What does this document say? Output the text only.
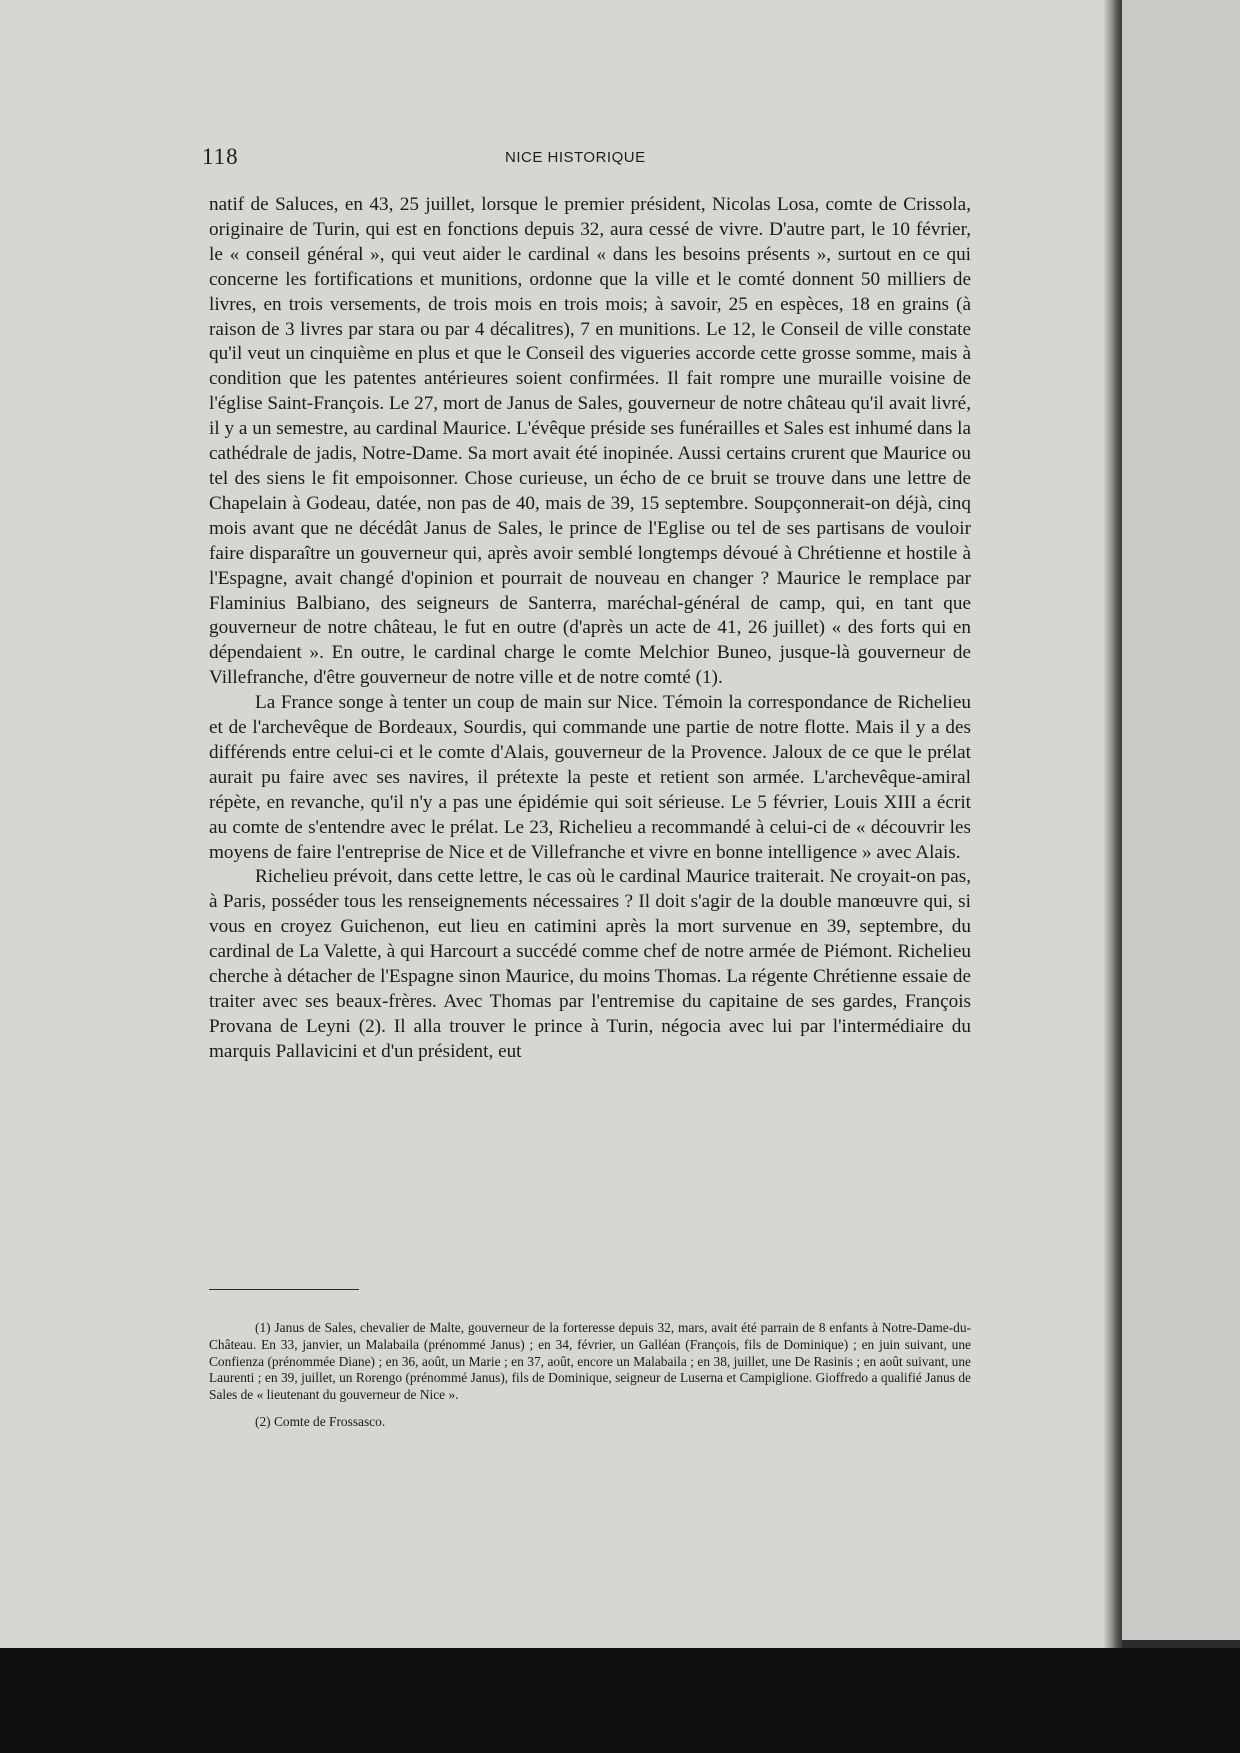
118	NICE HISTORIQUE

natif de Saluces, en 43, 25 juillet, lorsque le premier président, Nicolas Losa, comte de Crissola, originaire de Turin, qui est en fonctions depuis 32, aura cessé de vivre. D'autre part, le 10 février, le « conseil général », qui veut aider le cardinal « dans les besoins présents », surtout en ce qui concerne les fortifications et munitions, ordonne que la ville et le comté donnent 50 milliers de livres, en trois versements, de trois mois en trois mois; à savoir, 25 en espèces, 18 en grains (à raison de 3 livres par stara ou par 4 décalitres), 7 en munitions. Le 12, le Conseil de ville constate qu'il veut un cinquième en plus et que le Conseil des vigueries accorde cette grosse somme, mais à condition que les patentes antérieures soient confirmées. Il fait rompre une muraille voisine de l'église Saint-François. Le 27, mort de Janus de Sales, gouverneur de notre château qu'il avait livré, il y a un semestre, au cardinal Maurice. L'évêque préside ses funérailles et Sales est inhumé dans la cathédrale de jadis, Notre-Dame. Sa mort avait été inopinée. Aussi certains crurent que Maurice ou tel des siens le fit empoisonner. Chose curieuse, un écho de ce bruit se trouve dans une lettre de Chapelain à Godeau, datée, non pas de 40, mais de 39, 15 septembre. Soupçonnerait-on déjà, cinq mois avant que ne décédât Janus de Sales, le prince de l'Eglise ou tel de ses partisans de vouloir faire disparaître un gouverneur qui, après avoir semblé longtemps dévoué à Chrétienne et hostile à l'Espagne, avait changé d'opinion et pourrait de nouveau en changer ? Maurice le remplace par Flaminius Balbiano, des seigneurs de Santerra, maréchal-général de camp, qui, en tant que gouverneur de notre château, le fut en outre (d'après un acte de 41, 26 juillet) « des forts qui en dépendaient ». En outre, le cardinal charge le comte Melchior Buneo, jusque-là gouverneur de Villefranche, d'être gouverneur de notre ville et de notre comté (1).

La France songe à tenter un coup de main sur Nice. Témoin la correspondance de Richelieu et de l'archevêque de Bordeaux, Sourdis, qui commande une partie de notre flotte. Mais il y a des différends entre celui-ci et le comte d'Alais, gouverneur de la Provence. Jaloux de ce que le prélat aurait pu faire avec ses navires, il prétexte la peste et retient son armée. L'archevêque-amiral répète, en revanche, qu'il n'y a pas une épidémie qui soit sérieuse. Le 5 février, Louis XIII a écrit au comte de s'entendre avec le prélat. Le 23, Richelieu a recommandé à celui-ci de « découvrir les moyens de faire l'entreprise de Nice et de Villefranche et vivre en bonne intelligence » avec Alais.

Richelieu prévoit, dans cette lettre, le cas où le cardinal Maurice traiterait. Ne croyait-on pas, à Paris, posséder tous les renseignements nécessaires ? Il doit s'agir de la double manœuvre qui, si vous en croyez Guichenon, eut lieu en catimini après la mort survenue en 39, septembre, du cardinal de La Valette, à qui Harcourt a succédé comme chef de notre armée de Piémont. Richelieu cherche à détacher de l'Espagne sinon Maurice, du moins Thomas. La régente Chrétienne essaie de traiter avec ses beaux-frères. Avec Thomas par l'entremise du capitaine de ses gardes, François Provana de Leyni (2). Il alla trouver le prince à Turin, négocia avec lui par l'intermédiaire du marquis Pallavicini et d'un président, eut

(1) Janus de Sales, chevalier de Malte, gouverneur de la forteresse depuis 32, mars, avait été parrain de 8 enfants à Notre-Dame-du-Château. En 33, janvier, un Malabaila (prénommé Janus) ; en 34, février, un Galléan (François, fils de Dominique) ; en juin suivant, une Confienza (prénommée Diane) ; en 36, août, un Marie ; en 37, août, encore un Malabaila ; en 38, juillet, une De Rasinis ; en août suivant, une Laurenti ; en 39, juillet, un Rorengo (prénommé Janus), fils de Dominique, seigneur de Luserna et Campiglione. Gioffredo a qualifié Janus de Sales de « lieutenant du gouverneur de Nice ».

(2) Comte de Frossasco.
